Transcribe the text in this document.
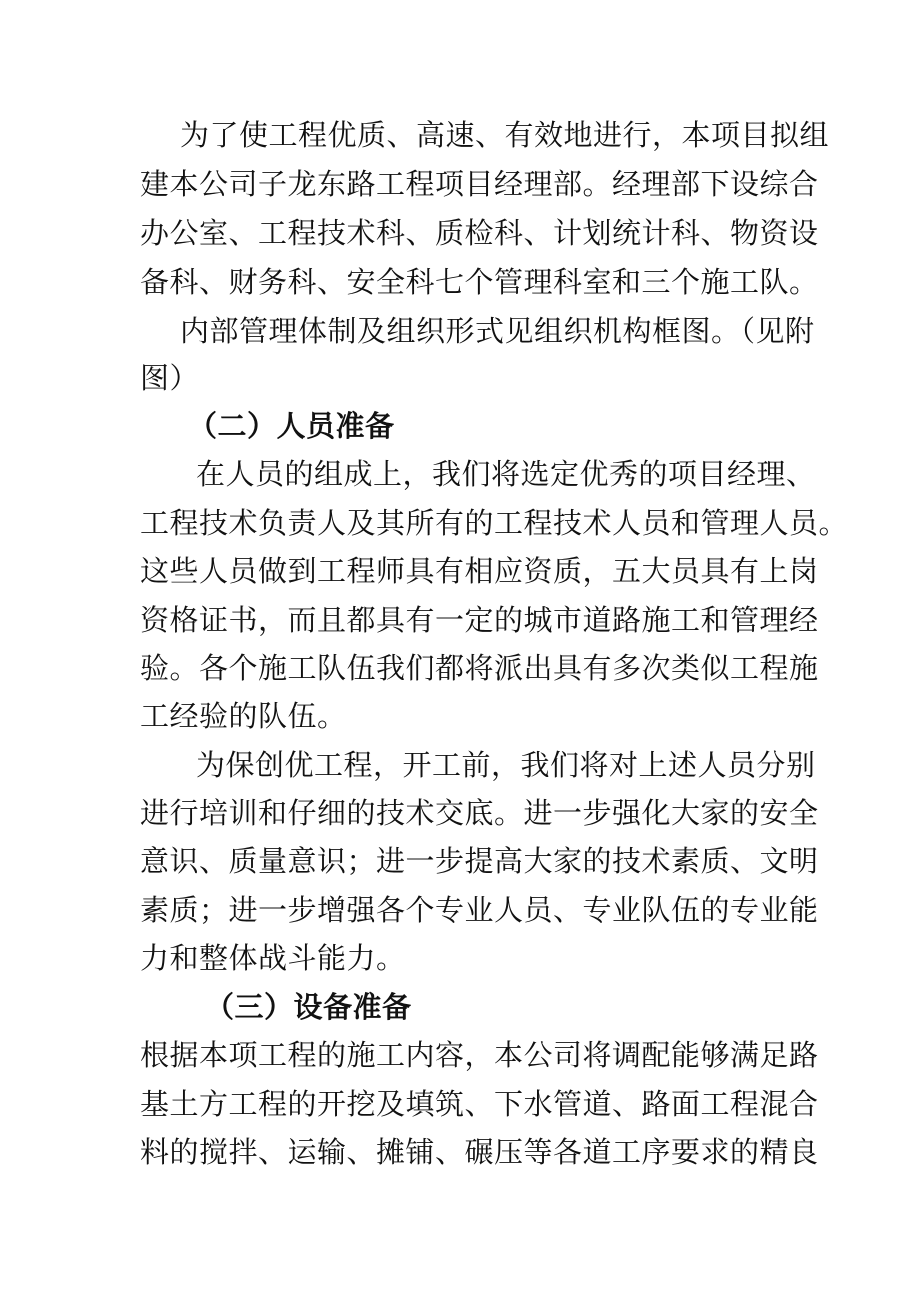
为了使工程优质、高速、有效地进行，本项目拟组
建本公司子龙东路工程项目经理部。经理部下设综合
办公室、工程技术科、质检科、计划统计科、物资设
备科、财务科、安全科七个管理科室和三个施工队。
内部管理体制及组织形式见组织机构框图。（见附
图）
（二）人员准备
在人员的组成上，我们将选定优秀的项目经理、
工程技术负责人及其所有的工程技术人员和管理人员。
这些人员做到工程师具有相应资质，五大员具有上岗
资格证书，而且都具有一定的城市道路施工和管理经
验。各个施工队伍我们都将派出具有多次类似工程施
工经验的队伍。
为保创优工程，开工前，我们将对上述人员分别
进行培训和仔细的技术交底。进一步强化大家的安全
意识、质量意识；进一步提高大家的技术素质、文明
素质；进一步增强各个专业人员、专业队伍的专业能
力和整体战斗能力。
（三）设备准备
根据本项工程的施工内容，本公司将调配能够满足路
基土方工程的开挖及填筑、下水管道、路面工程混合
料的搅拌、运输、摊铺、碾压等各道工序要求的精良
